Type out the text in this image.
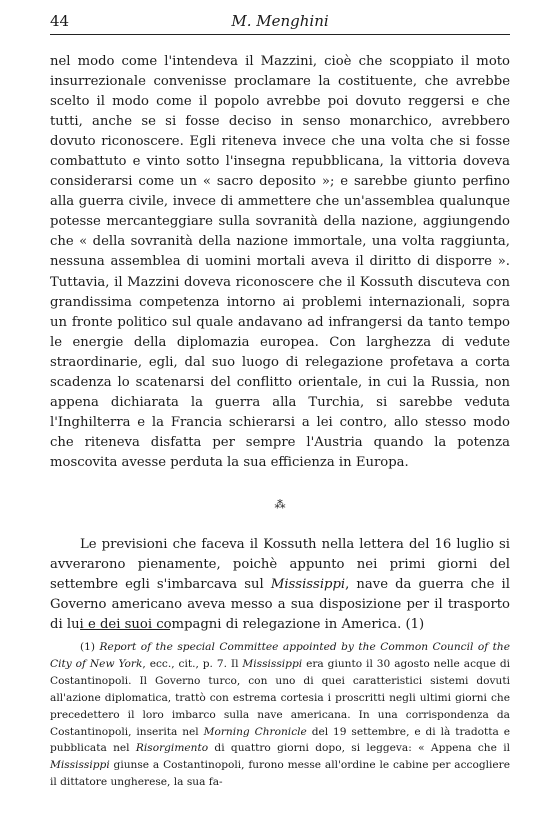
44	M. Menghini

nel modo come l'intendeva il Mazzini, cioè che scoppiato il moto insurrezionale convenisse proclamare la costituente, che avrebbe scelto il modo come il popolo avrebbe poi dovuto reggersi e che tutti, anche se si fosse deciso in senso monarchico, avrebbero dovuto riconoscere. Egli riteneva invece che una volta che si fosse combattuto e vinto sotto l'insegna repubblicana, la vittoria doveva considerarsi come un « sacro deposito »; e sarebbe giunto perfino alla guerra civile, invece di ammettere che un'assemblea qualunque potesse mercanteggiare sulla sovranità della nazione, aggiungendo che « della sovranità della nazione immortale, una volta raggiunta, nessuna assemblea di uomini mortali aveva il diritto di disporre ». Tuttavia, il Mazzini doveva riconoscere che il Kossuth discuteva con grandissima competenza intorno ai problemi internazionali, sopra un fronte politico sul quale andavano ad infrangersi da tanto tempo le energie della diplomazia europea. Con larghezza di vedute straordinarie, egli, dal suo luogo di relegazione profetava a corta scadenza lo scatenarsi del conflitto orientale, in cui la Russia, non appena dichiarata la guerra alla Turchia, si sarebbe veduta l'Inghilterra e la Francia schierarsi a lei contro, allo stesso modo che riteneva disfatta per sempre l'Austria quando la potenza moscovita avesse perduta la sua efficienza in Europa.

⁂

Le previsioni che faceva il Kossuth nella lettera del 16 luglio si avverarono pienamente, poichè appunto nei primi giorni del settembre egli s'imbarcava sul Mississippi, nave da guerra che il Governo americano aveva messo a sua disposizione per il trasporto di lui e dei suoi compagni di relegazione in America. (1)

(1) Report of the special Committee appointed by the Common Council of the City of New York, ecc., cit., p. 7. Il Mississippi era giunto il 30 agosto nelle acque di Costantinopoli. Il Governo turco, con uno di quei caratteristici sistemi dovuti all'azione diplomatica, trattò con estrema cortesia i proscritti negli ultimi giorni che precedettero il loro imbarco sulla nave americana. In una corrispondenza da Costantinopoli, inserita nel Morning Chronicle del 19 settembre, e di là tradotta e pubblicata nel Risorgimento di quattro giorni dopo, si leggeva: « Appena che il Mississippi giunse a Costantinopoli, furono messe all'ordine le cabine per accogliere il dittatore ungherese, la sua fa-
